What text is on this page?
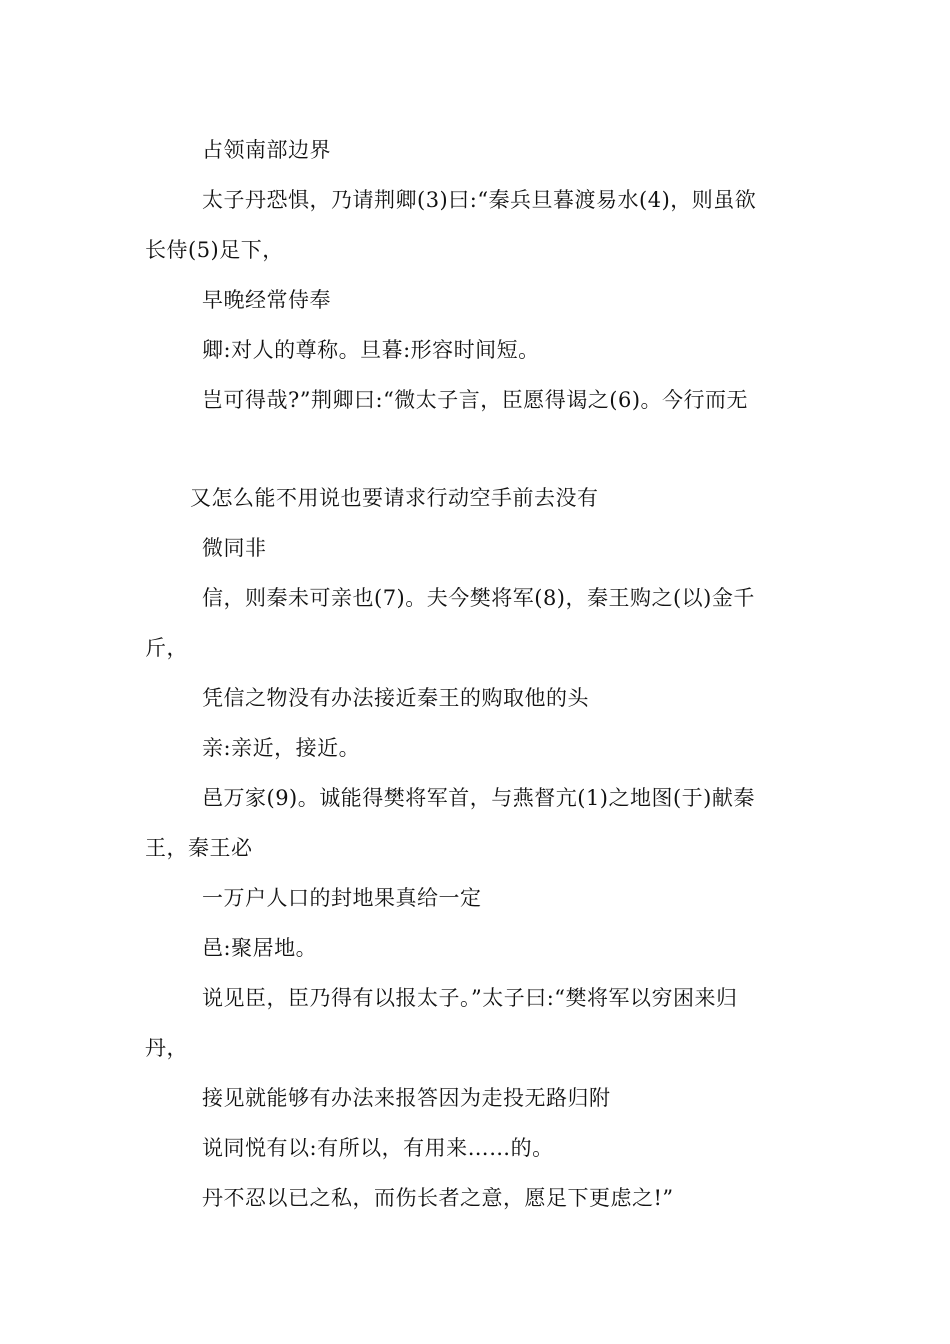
占领南部边界
太子丹恐惧，乃请荆卿(3)曰:“秦兵旦暮渡易水(4)，则虽欲
长侍(5)足下，
早晚经常侍奉
卿:对人的尊称。旦暮:形容时间短。
岂可得哉?”荆卿曰:“微太子言，臣愿得谒之(6)。今行而无
又怎么能不用说也要请求行动空手前去没有
微同非
信，则秦未可亲也(7)。夫今樊将军(8)，秦王购之(以)金千
斤，
凭信之物没有办法接近秦王的购取他的头
亲:亲近，接近。
邑万家(9)。诚能得樊将军首，与燕督亢(1)之地图(于)献秦
王，秦王必
一万户人口的封地果真给一定
邑:聚居地。
说见臣，臣乃得有以报太子。”太子曰:“樊将军以穷困来归
丹，
接见就能够有办法来报答因为走投无路归附
说同悦有以:有所以，有用来……的。
丹不忍以已之私，而伤长者之意，愿足下更虑之!”
